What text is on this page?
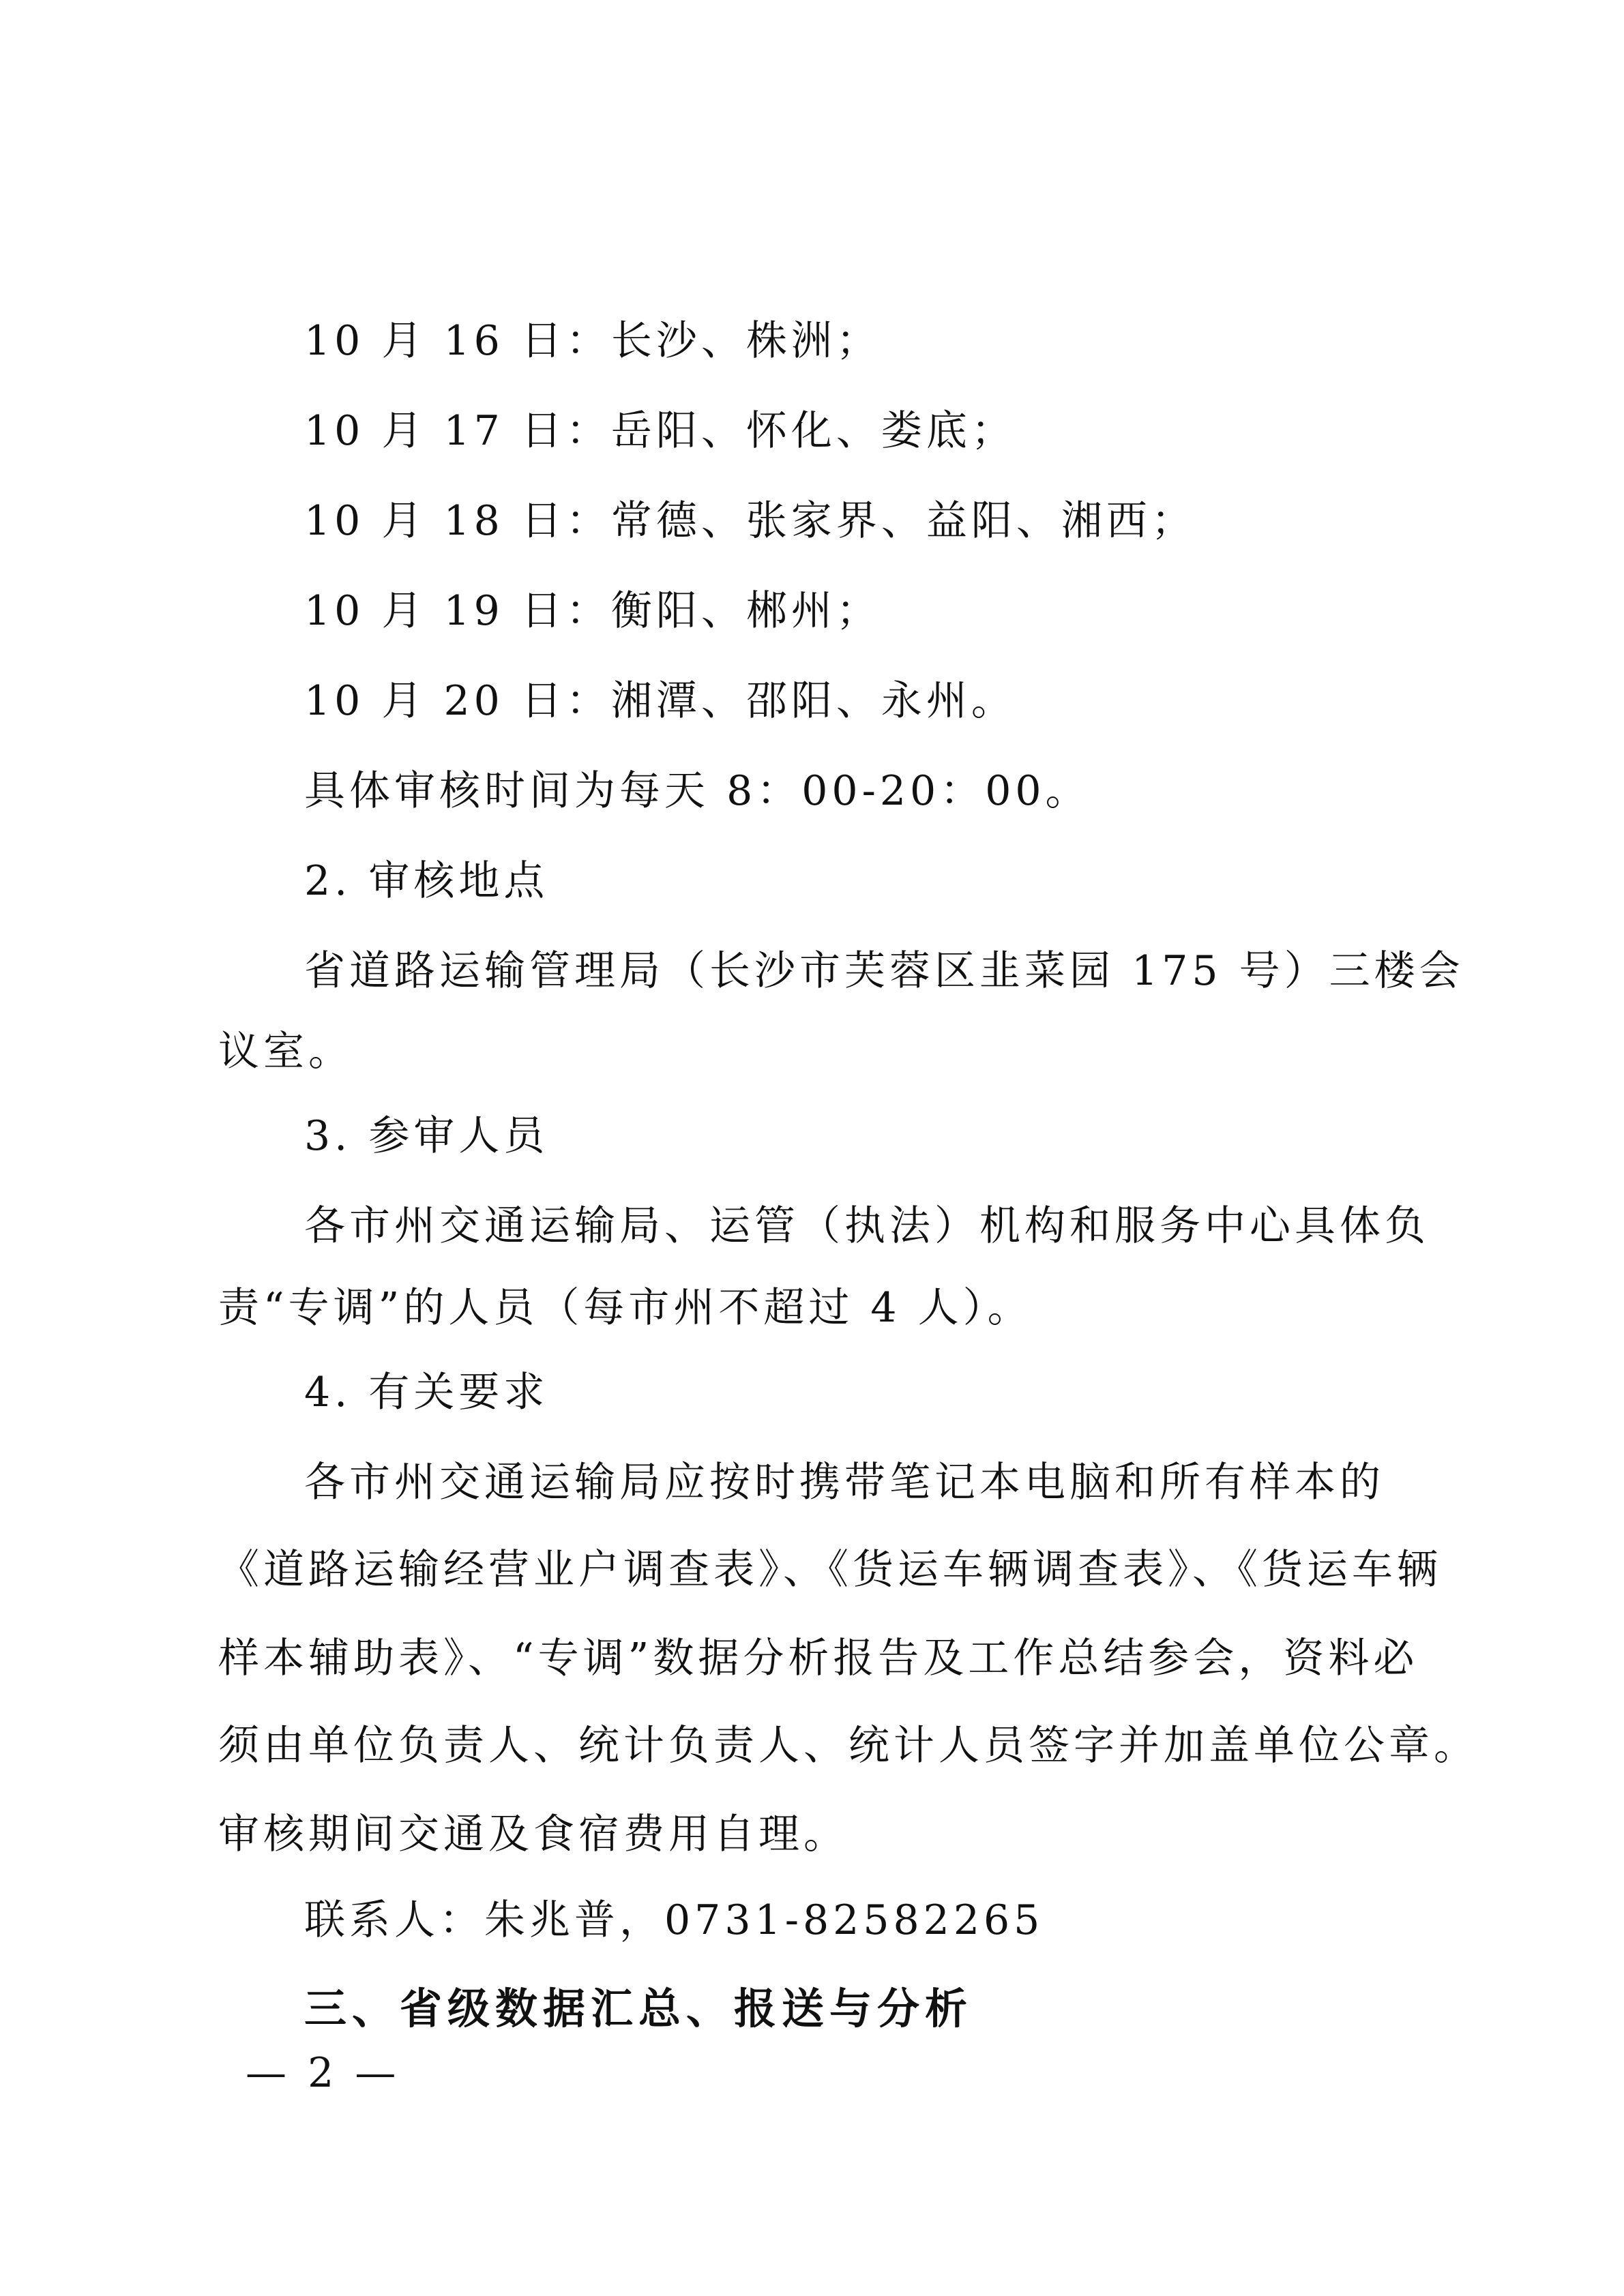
10 月 16 日：长沙、株洲；
10 月 17 日：岳阳、怀化、娄底；
10 月 18 日：常德、张家界、益阳、湘西；
10 月 19 日：衡阳、郴州；
10 月 20 日：湘潭、邵阳、永州。
具体审核时间为每天 8：00-20：00。
2. 审核地点
省道路运输管理局（长沙市芙蓉区韭菜园 175 号）三楼会
议室。
3. 参审人员
各市州交通运输局、运管（执法）机构和服务中心具体负
责“专调”的人员（每市州不超过 4 人）。
4. 有关要求
各市州交通运输局应按时携带笔记本电脑和所有样本的
《道路运输经营业户调查表》、《货运车辆调查表》、《货运车辆
样本辅助表》、“专调”数据分析报告及工作总结参会，资料必
须由单位负责人、统计负责人、统计人员签字并加盖单位公章。
审核期间交通及食宿费用自理。
联系人：朱兆普，0731-82582265
三、省级数据汇总、报送与分析
— 2 —
